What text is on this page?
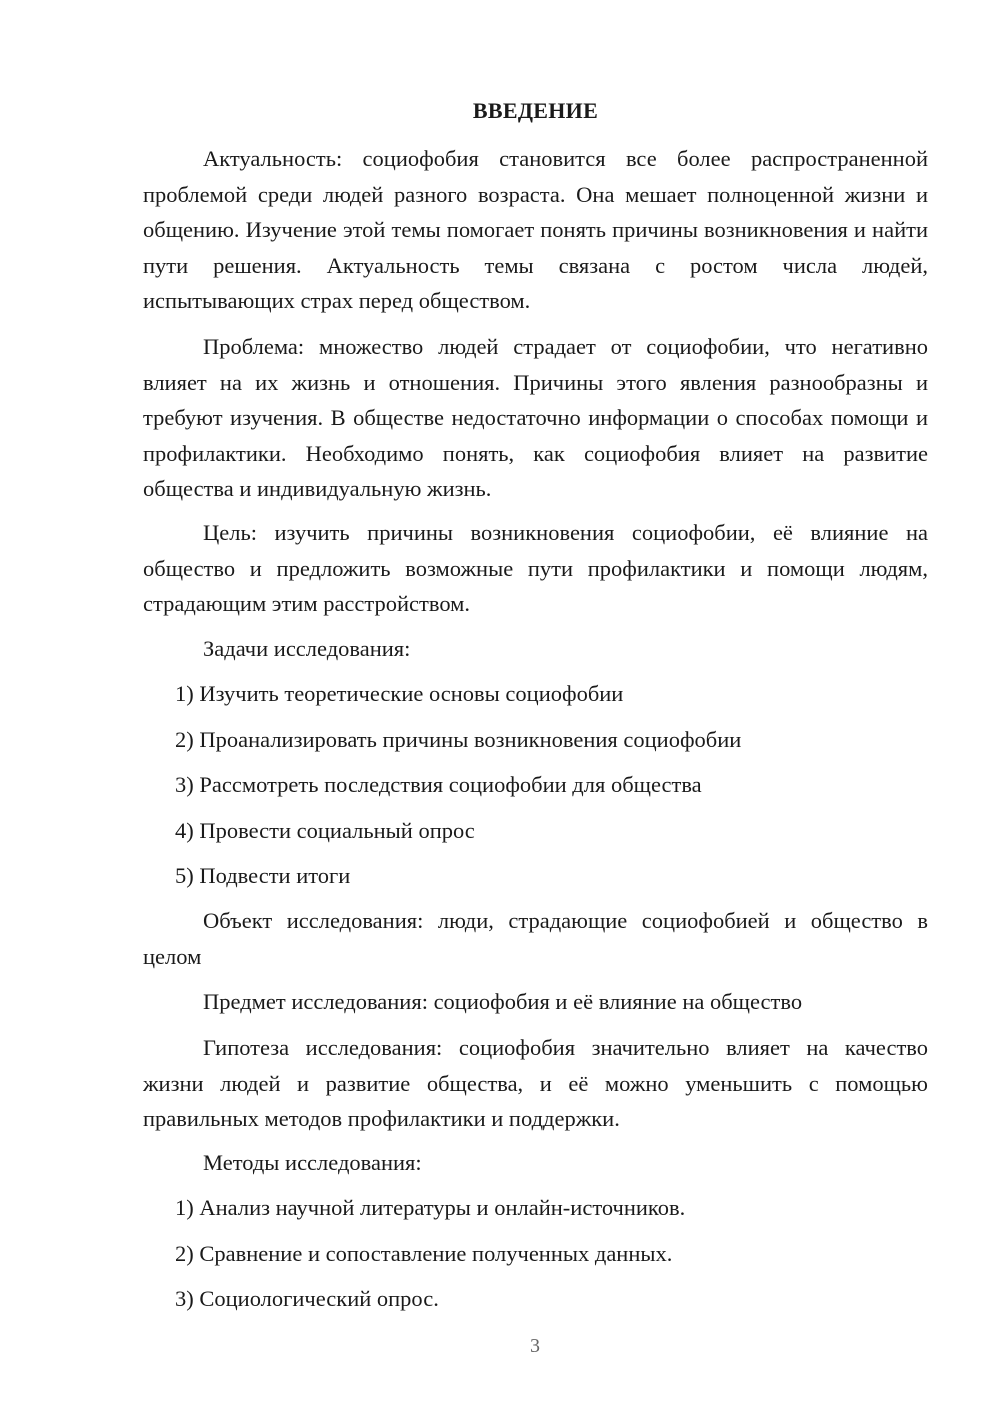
ВВЕДЕНИЕ

Актуальность: социофобия становится все более распространенной проблемой среди людей разного возраста. Она мешает полноценной жизни и общению. Изучение этой темы помогает понять причины возникновения и найти пути решения. Актуальность темы связана с ростом числа людей, испытывающих страх перед обществом.

Проблема: множество людей страдает от социофобии, что негативно влияет на их жизнь и отношения. Причины этого явления разнообразны и требуют изучения. В обществе недостаточно информации о способах помощи и профилактики. Необходимо понять, как социофобия влияет на развитие общества и индивидуальную жизнь.

Цель: изучить причины возникновения социофобии, её влияние на общество и предложить возможные пути профилактики и помощи людям, страдающим этим расстройством.

Задачи исследования:

1) Изучить теоретические основы социофобии

2) Проанализировать причины возникновения социофобии

3) Рассмотреть последствия социофобии для общества

4) Провести социальный опрос

5) Подвести итоги

Объект исследования: люди, страдающие социофобией и общество в целом

Предмет исследования: социофобия и её влияние на общество

Гипотеза исследования: социофобия значительно влияет на качество жизни людей и развитие общества, и её можно уменьшить с помощью правильных методов профилактики и поддержки.

Методы исследования:

1) Анализ научной литературы и онлайн-источников.

2) Сравнение и сопоставление полученных данных.

3) Социологический опрос.

3
